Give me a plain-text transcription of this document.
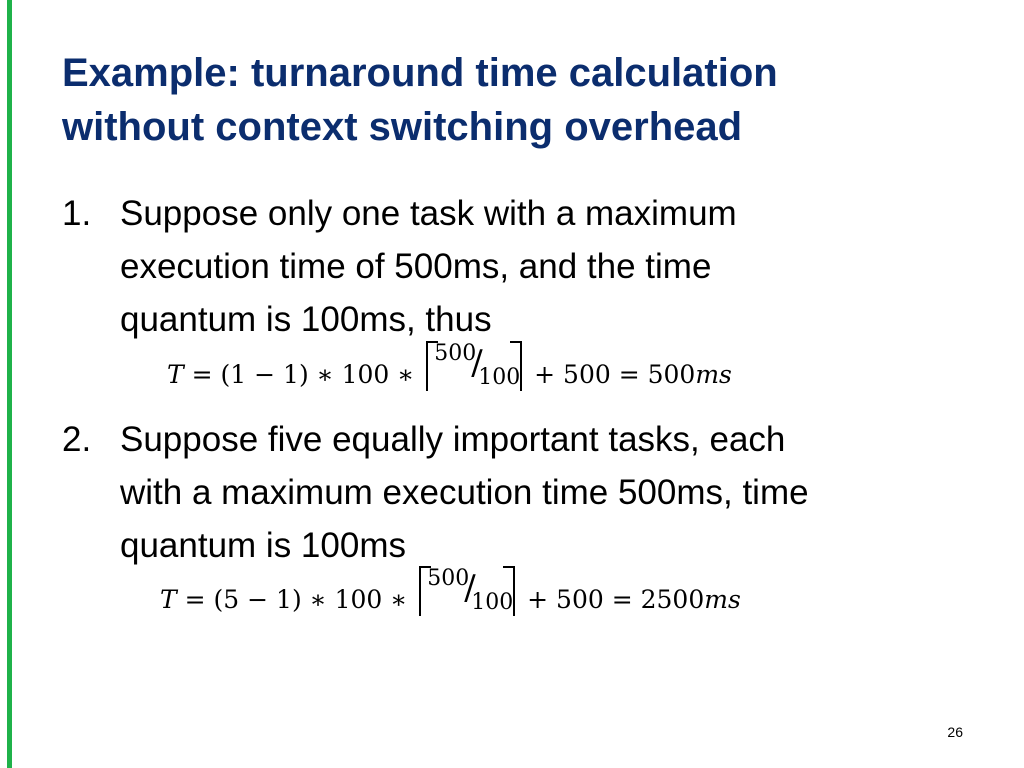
Example: turnaround time calculation
without context switching overhead
1. Suppose only one task with a maximum
execution time of 500ms, and the time
quantum is 100ms, thus
T = (1 − 1) ∗ 100 ∗
500
/
100 + 500 = 500ms
2. Suppose five equally important tasks, each
with a maximum execution time 500ms, time
quantum is 100ms
T = (5 − 1) ∗ 100 ∗
500
/
100 + 500 = 2500ms
26
